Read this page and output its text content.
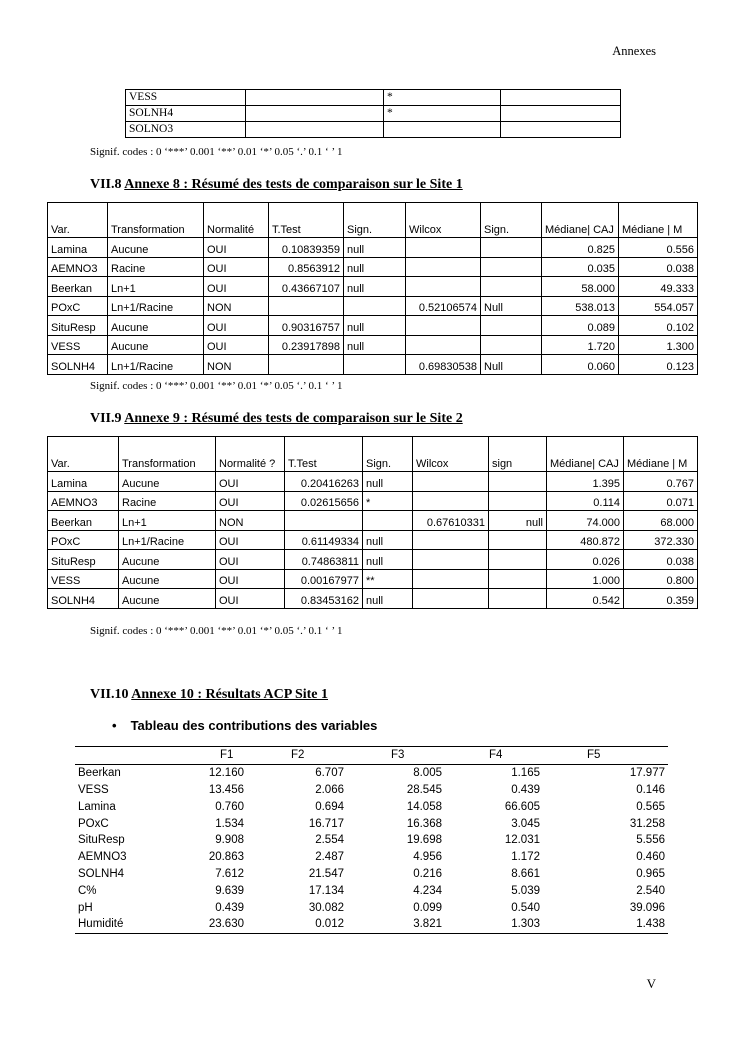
Annexes
VESS		*	
SOLNH4		*	
SOLNO3			
Signif. codes : 0 ‘***’ 0.001 ‘**’ 0.01 ‘*’ 0.05 ‘.’ 0.1 ‘ ’ 1
VII.8 Annexe 8 : Résumé des tests de comparaison sur le Site 1
Var.	Transformation	Normalité	T.Test	Sign.	Wilcox	Sign.	Médiane| CAJ	Médiane | M
Lamina	Aucune	OUI	0.10839359	null			0.825	0.556
AEMNO3	Racine	OUI	0.8563912	null			0.035	0.038
Beerkan	Ln+1	OUI	0.43667107	null			58.000	49.333
POxC	Ln+1/Racine	NON			0.52106574	Null	538.013	554.057
SituResp	Aucune	OUI	0.90316757	null			0.089	0.102
VESS	Aucune	OUI	0.23917898	null			1.720	1.300
SOLNH4	Ln+1/Racine	NON			0.69830538	Null	0.060	0.123
Signif. codes : 0 ‘***’ 0.001 ‘**’ 0.01 ‘*’ 0.05 ‘.’ 0.1 ‘ ’ 1
VII.9 Annexe 9 : Résumé des tests de comparaison sur le Site 2
Var.	Transformation	Normalité ?	T.Test	Sign.	Wilcox	sign	Médiane| CAJ	Médiane | M
Lamina	Aucune	OUI	0.20416263	null			1.395	0.767
AEMNO3	Racine	OUI	0.02615656	*			0.114	0.071
Beerkan	Ln+1	NON			0.67610331	null	74.000	68.000
POxC	Ln+1/Racine	OUI	0.61149334	null			480.872	372.330
SituResp	Aucune	OUI	0.74863811	null			0.026	0.038
VESS	Aucune	OUI	0.00167977	**			1.000	0.800
SOLNH4	Aucune	OUI	0.83453162	null			0.542	0.359
Signif. codes : 0 ‘***’ 0.001 ‘**’ 0.01 ‘*’ 0.05 ‘.’ 0.1 ‘ ’ 1
VII.10 Annexe 10 : Résultats ACP Site 1
• Tableau des contributions des variables
	F1	F2	F3	F4	F5
Beerkan	12.160	6.707	8.005	1.165	17.977
VESS	13.456	2.066	28.545	0.439	0.146
Lamina	0.760	0.694	14.058	66.605	0.565
POxC	1.534	16.717	16.368	3.045	31.258
SituResp	9.908	2.554	19.698	12.031	5.556
AEMNO3	20.863	2.487	4.956	1.172	0.460
SOLNH4	7.612	21.547	0.216	8.661	0.965
C%	9.639	17.134	4.234	5.039	2.540
pH	0.439	30.082	0.099	0.540	39.096
Humidité	23.630	0.012	3.821	1.303	1.438
V
